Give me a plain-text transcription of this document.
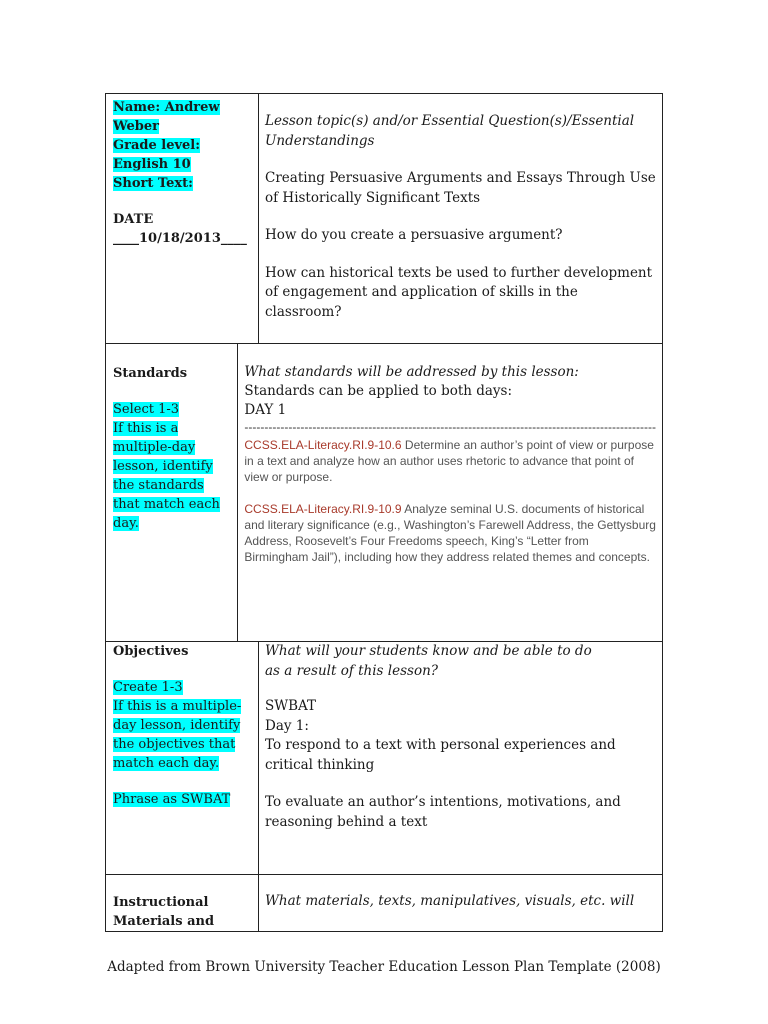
Name: Andrew Weber

Grade level:

English 10

Short Text:

DATE

____10/18/2013____

Lesson topic(s) and/or Essential Question(s)/Essential Understandings

Creating Persuasive Arguments and Essays Through Use of Historically Significant Texts

How do you create a persuasive argument?

How can historical texts be used to further development of engagement and application of skills in the classroom?

Standards

Select 1-3

If this is a multiple-day lesson, identify the standards that match each day.

What standards will be addressed by this lesson:

Standards can be applied to both days:

DAY 1

-------------------------------------------------------------------------------------------------------

CCSS.ELA-Literacy.RI.9-10.6 Determine an author’s point of view or purpose in a text and analyze how an author uses rhetoric to advance that point of view or purpose.

CCSS.ELA-Literacy.RI.9-10.9 Analyze seminal U.S. documents of historical and literary significance (e.g., Washington’s Farewell Address, the Gettysburg Address, Roosevelt’s Four Freedoms speech, King’s “Letter from Birmingham Jail”), including how they address related themes and concepts.

Objectives

Create 1-3

If this is a multiple-day lesson, identify the objectives that match each day.

Phrase as SWBAT

What will your students know and be able to do as a result of this lesson?

SWBAT

Day 1:

To respond to a text with personal experiences and critical thinking

To evaluate an author’s intentions, motivations, and reasoning behind a text

Instructional Materials and

What materials, texts, manipulatives, visuals, etc. will

Adapted from Brown University Teacher Education Lesson Plan Template (2008)
